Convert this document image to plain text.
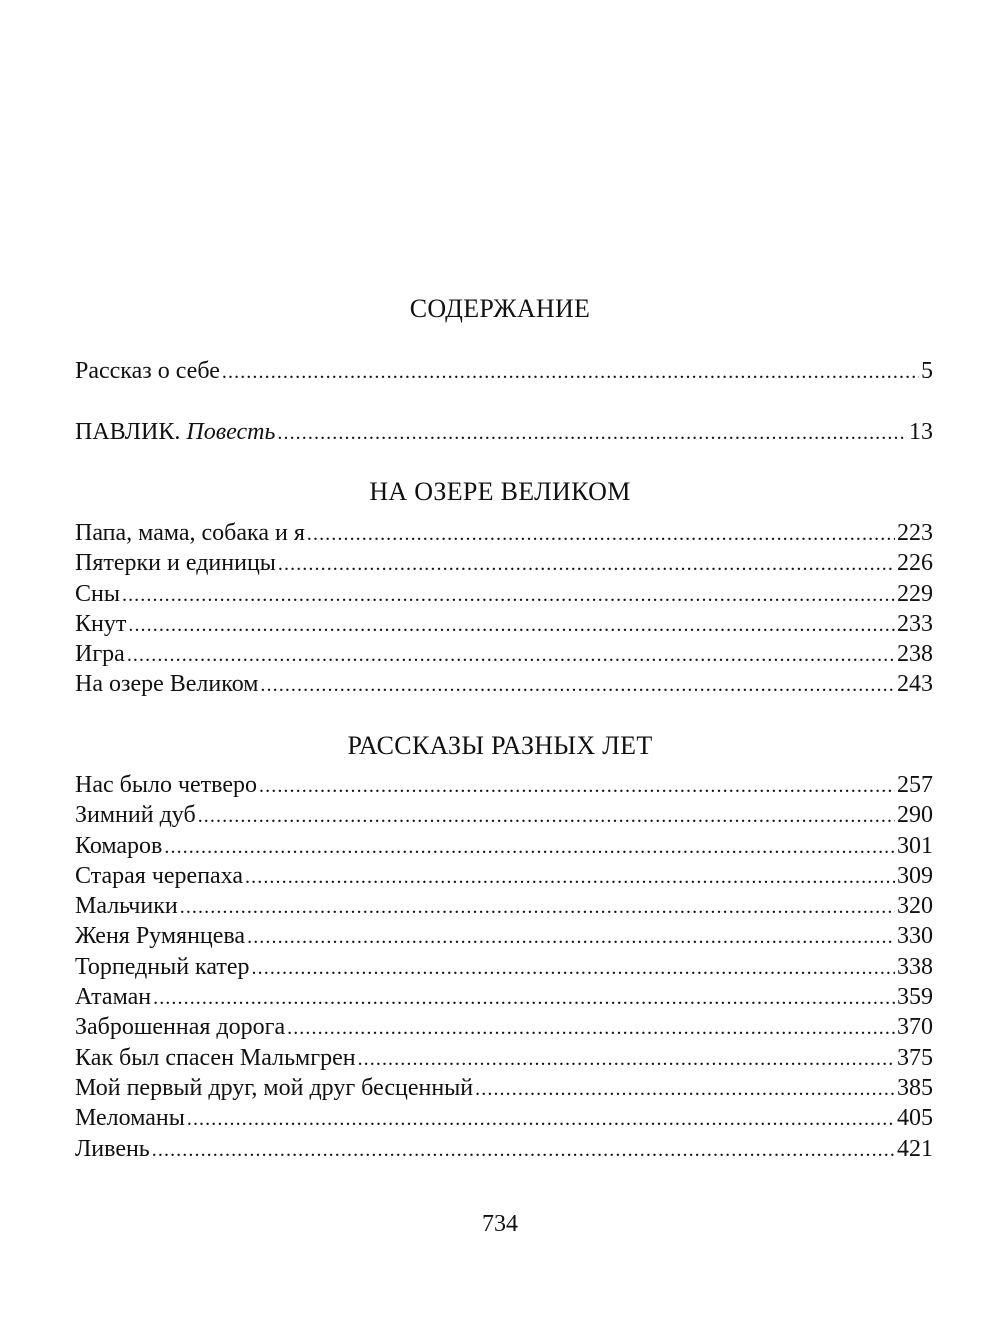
СОДЕРЖАНИЕ
Рассказ о себе .....	5
ПАВЛИК. Повесть .....	13
НА ОЗЕРЕ ВЕЛИКОМ
Папа, мама, собака и я .....	223
Пятерки и единицы .....	226
Сны .....	229
Кнут .....	233
Игра .....	238
На озере Великом .....	243
РАССКАЗЫ РАЗНЫХ ЛЕТ
Нас было четверо .....	257
Зимний дуб .....	290
Комаров .....	301
Старая черепаха .....	309
Мальчики .....	320
Женя Румянцева .....	330
Торпедный катер .....	338
Атаман .....	359
Заброшенная дорога .....	370
Как был спасен Мальмгрен .....	375
Мой первый друг, мой друг бесценный .....	385
Меломаны .....	405
Ливень .....	421
734
